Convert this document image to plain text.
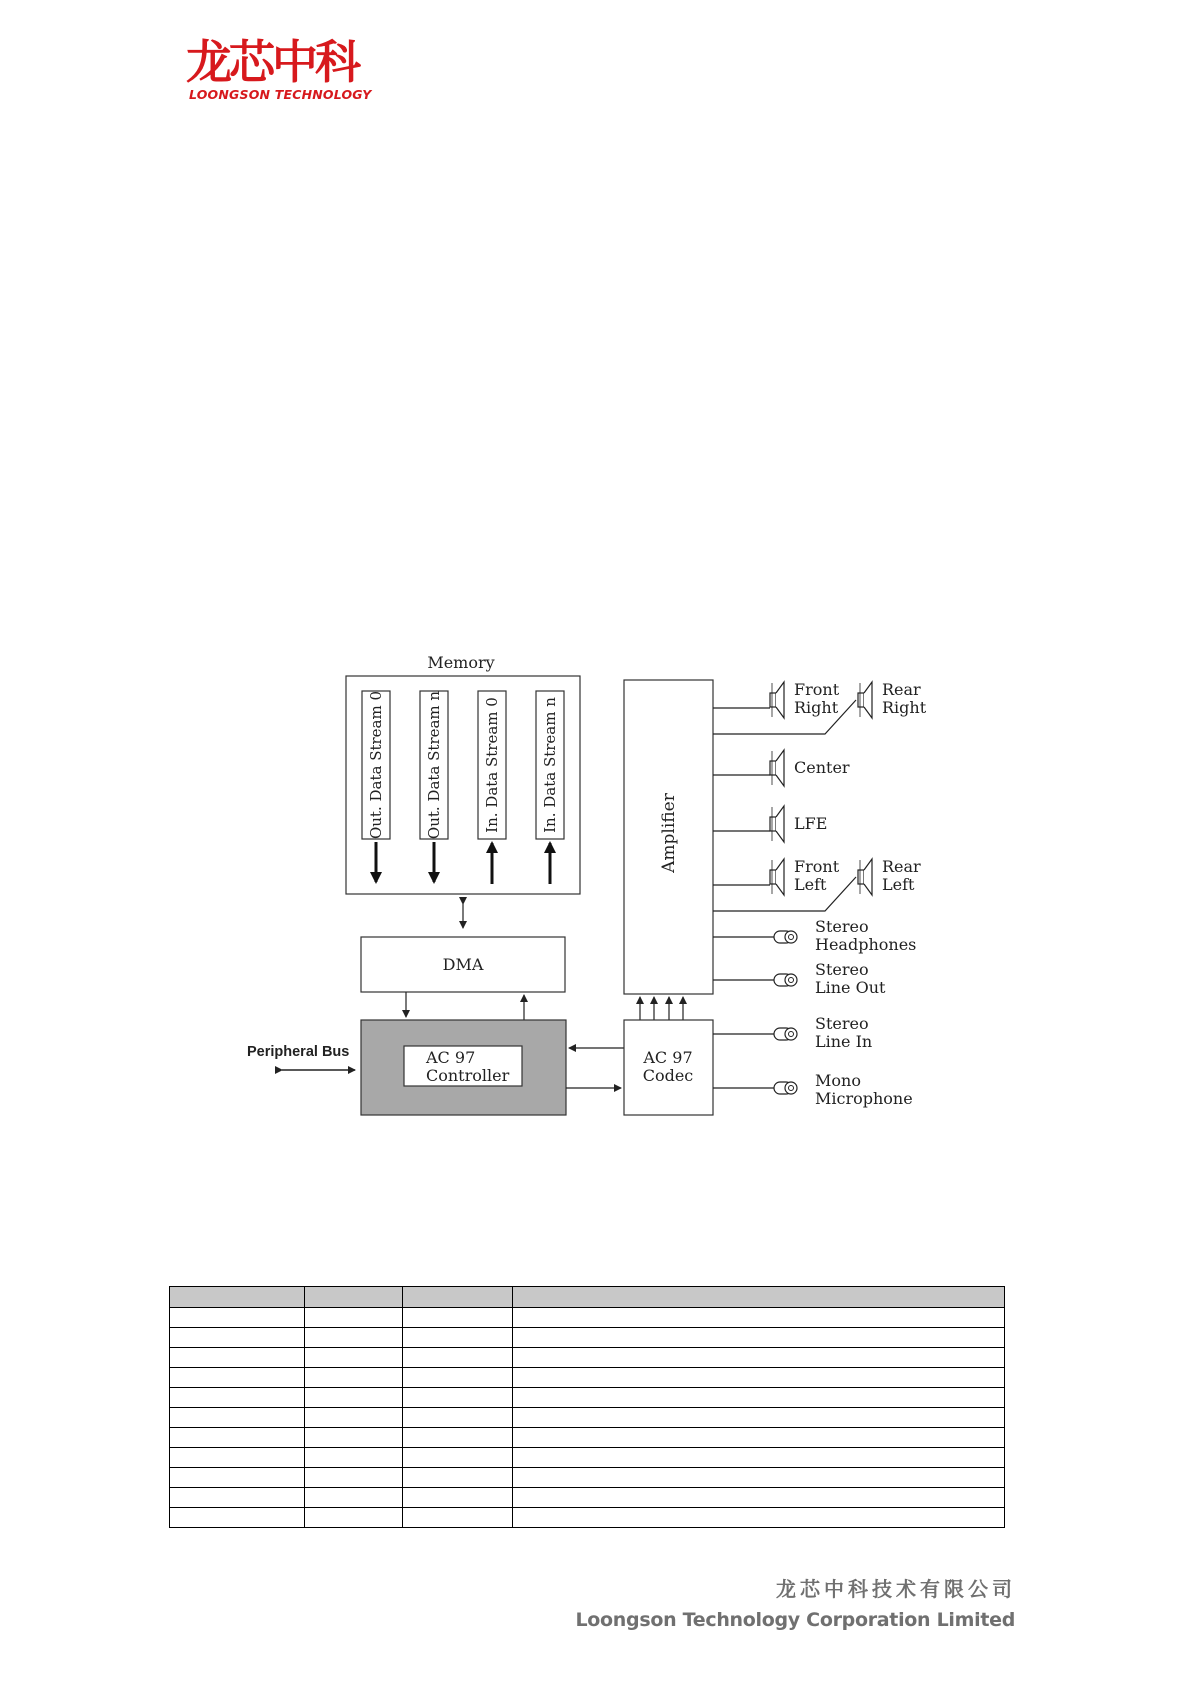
龙芯中科
LOONGSON TECHNOLOGY
Memory
Out. Data Stream 0	Out. Data Stream n	In. Data Stream 0	In. Data Stream n
DMA
AC 97
Controller
Peripheral Bus
Amplifier
AC 97
Codec
Front
Right
Rear
Right
Center
LFE
Front
Left
Rear
Left
Stereo
Headphones
Stereo
Line Out
Stereo
Line In
Mono
Microphone

龙芯中科技术有限公司
Loongson Technology Corporation Limited
